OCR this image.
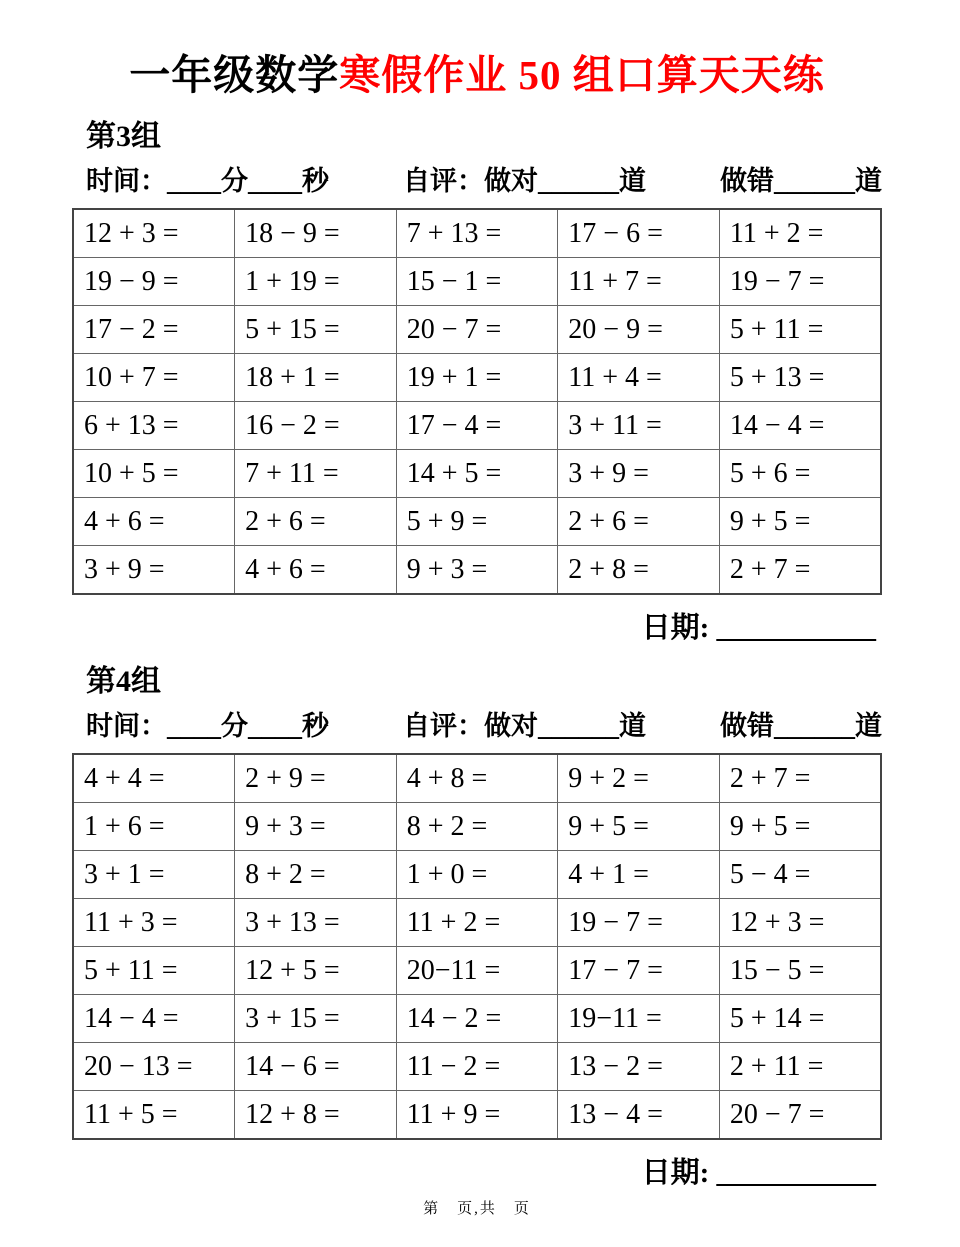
一年级数学寒假作业 50 组口算天天练
第3组
时间：____分____秒	自评：做对______道	做错______道
12 + 3 =	18 − 9 =	7 + 13 =	17 − 6 =	11 + 2 =
19 − 9 =	1 + 19 =	15 − 1 =	11 + 7 =	19 − 7 =
17 − 2 =	5 + 15 =	20 − 7 =	20 − 9 =	5 + 11 =
10 + 7 =	18 + 1 =	19 + 1 =	11 + 4 =	5 + 13 =
6 + 13 =	16 − 2 =	17 − 4 =	3 + 11 =	14 − 4 =
10 + 5 =	7 + 11 =	14 + 5 =	3 + 9 =	5 + 6 =
4 + 6 =	2 + 6 =	5 + 9 =	2 + 6 =	9 + 5 =
3 + 9 =	4 + 6 =	9 + 3 =	2 + 8 =	2 + 7 =
日期: ___________
第4组
时间：____分____秒	自评：做对______道	做错______道
4 + 4 =	2 + 9 =	4 + 8 =	9 + 2 =	2 + 7 =
1 + 6 =	9 + 3 =	8 + 2 =	9 + 5 =	9 + 5 =
3 + 1 =	8 + 2 =	1 + 0 =	4 + 1 =	5 − 4 =
11 + 3 =	3 + 13 =	11 + 2 =	19 − 7 =	12 + 3 =
5 + 11 =	12 + 5 =	20−11 =	17 − 7 =	15 − 5 =
14 − 4 =	3 + 15 =	14 − 2 =	19−11 =	5 + 14 =
20 − 13 =	14 − 6 =	11 − 2 =	13 − 2 =	2 + 11 =
11 + 5 =	12 + 8 =	11 + 9 =	13 − 4 =	20 − 7 =
日期: ___________
第　页,共　页
